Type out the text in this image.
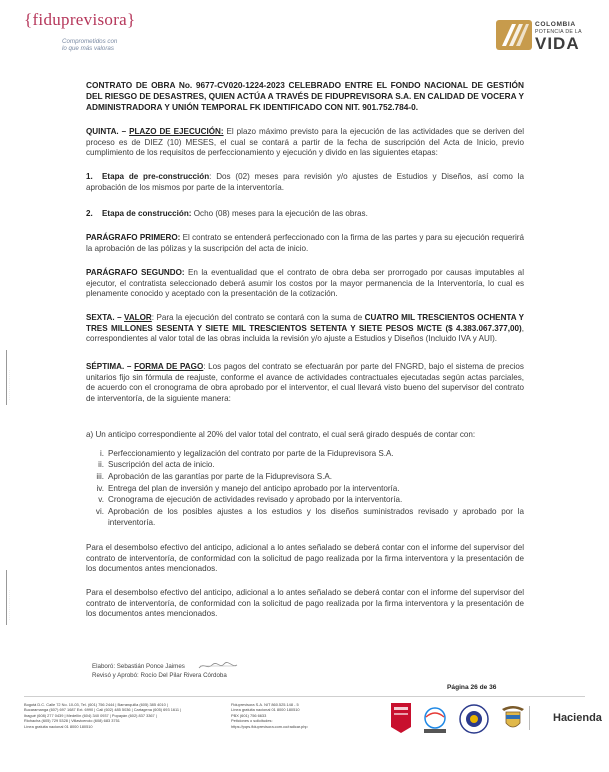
{fiduprevisora}
Comprometidos con
lo que más valoras
COLOMBIA
POTENCIA DE LA
VIDA
· · · · · · · · · · · · · · · ·
· · · · · · · · · · · · · · · ·
CONTRATO DE OBRA No. 9677-CV020-1224-2023 CELEBRADO ENTRE EL FONDO NACIONAL DE GESTIÓN DEL RIESGO DE DESASTRES, QUIEN ACTÚA A TRAVÉS DE FIDUPREVISORA S.A. EN CALIDAD DE VOCERA Y ADMINISTRADORA Y UNIÓN TEMPORAL FK IDENTIFICADO CON NIT. 901.752.784-0.
QUINTA. – PLAZO DE EJECUCIÓN: El plazo máximo previsto para la ejecución de las actividades que se deriven del proceso es de DIEZ (10) MESES, el cual se contará a partir de la fecha de suscripción del Acta de Inicio, previo cumplimiento de los requisitos de perfeccionamiento y ejecución y divido en las siguientes etapas:
1. Etapa de pre-construcción: Dos (02) meses para revisión y/o ajustes de Estudios y Diseños, así como la aprobación de los mismos por parte de la interventoría.
2. Etapa de construcción: Ocho (08) meses para la ejecución de las obras.
PARÁGRAFO PRIMERO: El contrato se entenderá perfeccionado con la firma de las partes y para su ejecución requerirá la aprobación de las pólizas y la suscripción del acta de inicio.
PARÁGRAFO SEGUNDO: En la eventualidad que el contrato de obra deba ser prorrogado por causas imputables al ejecutor, el contratista seleccionado deberá asumir los costos por la mayor permanencia de la Interventoría, lo cual es plenamente conocido y aceptado con la presentación de la cotización.
SEXTA. – VALOR: Para la ejecución del contrato se contará con la suma de CUATRO MIL TRESCIENTOS OCHENTA Y TRES MILLONES SESENTA Y SIETE MIL TRESCIENTOS SETENTA Y SIETE PESOS M/CTE ($ 4.383.067.377,00), correspondientes al valor total de las obras incluida la revisión y/o ajuste a Estudios y Diseños (Incluido IVA y AUI).
SÉPTIMA. – FORMA DE PAGO: Los pagos del contrato se efectuarán por parte del FNGRD, bajo el sistema de precios unitarios fijo sin fórmula de reajuste, conforme el avance de actividades contractuales ejecutadas según actas parciales, de acuerdo con el cronograma de obra aprobado por el interventor, el cual llevará visto bueno del supervisor del contrato de interventoría, de la siguiente manera:
a) Un anticipo correspondiente al 20% del valor total del contrato, el cual será girado después de contar con:
i. Perfeccionamiento y legalización del contrato por parte de la Fiduprevisora S.A.
ii. Suscripción del acta de inicio.
iii. Aprobación de las garantías por parte de la Fiduprevisora S.A.
iv. Entrega del plan de inversión y manejo del anticipo aprobado por la interventoría.
v. Cronograma de ejecución de actividades revisado y aprobado por la interventoría.
vi. Aprobación de los posibles ajustes a los estudios y los diseños suministrados revisado y aprobado por la interventoría.
Para el desembolso efectivo del anticipo, adicional a lo antes señalado se deberá contar con el informe del supervisor del contrato de interventoría, de conformidad con la solicitud de pago realizada por la firma interventora y la presentación de los documentos antes mencionados.
Para el desembolso efectivo del anticipo, adicional a lo antes señalado se deberá contar con el informe del supervisor del contrato de interventoría, de conformidad con la solicitud de pago realizada por la firma interventora y la presentación de los documentos antes mencionados.
Elaboró: Sebastián Ponce Jaimes
Revisó y Aprobó: Rocío Del Pilar Rivera Córdoba
Página 26 de 36
Bogotá D.C. Calle 72 No. 10-03, Tel. (601) 756 2444 | Barranquilla (605) 385 4010 |
Bucaramanga (607) 697 1687 Ext. 6990 | Cali (602) 485 5036 | Cartagena (605) 693 1611 |
Ibagué (608) 277 0439 | Medellín (604) 340 0937 | Popayán (602) 837 3367 |
Riohacha (605) 729 5328 | Villavicencio (608) 683 3751
Línea gratuita nacional 01 8000 180510
Fiduprevisora S.A. NIT 860.525.148 - 5
Línea gratuita nacional 01 8000 180510
PBX (601) 756 6633
Peticiones o solicitudes:
https://pqrs.fiduprevisora.com.co/radicar.php
Hacienda
